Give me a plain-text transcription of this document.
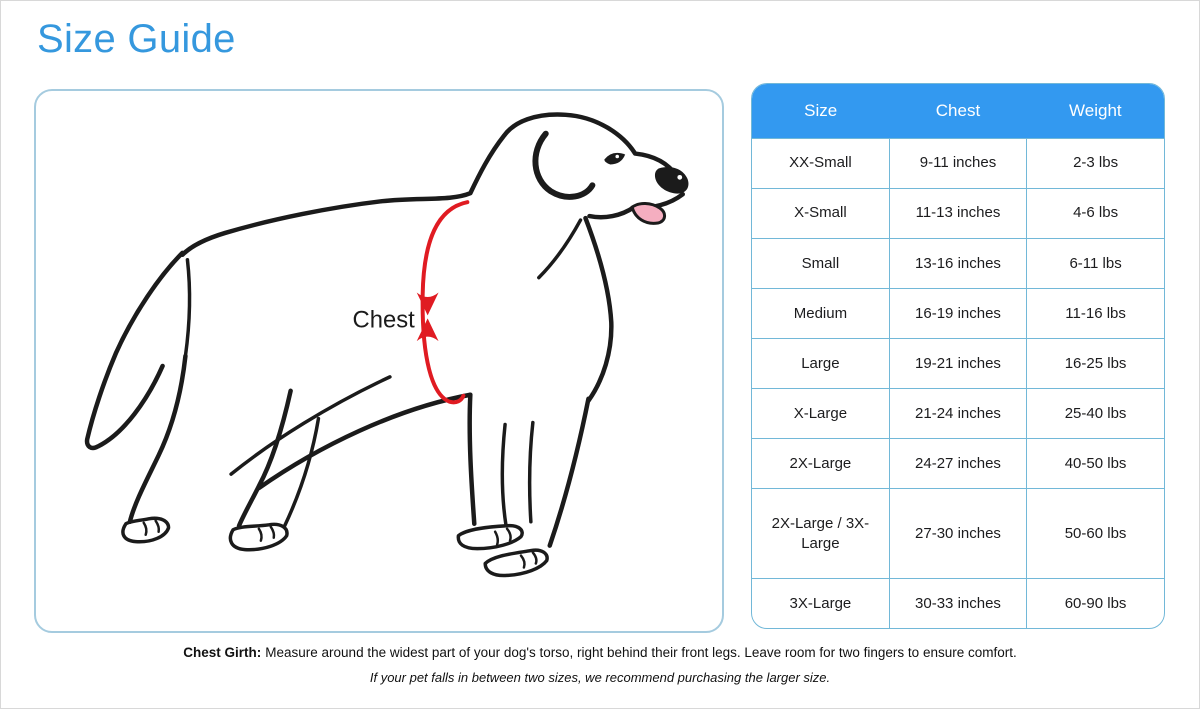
Size Guide
Chest
Size	Chest	Weight
XX-Small	9-11 inches	2-3 lbs
X-Small	11-13 inches	4-6 lbs
Small	13-16 inches	6-11 lbs
Medium	16-19 inches	11-16 lbs
Large	19-21 inches	16-25 lbs
X-Large	21-24 inches	25-40 lbs
2X-Large	24-27 inches	40-50 lbs
2X-Large / 3X-Large	27-30 inches	50-60 lbs
3X-Large	30-33 inches	60-90 lbs
Chest Girth: Measure around the widest part of your dog's torso, right behind their front legs. Leave room for two fingers to ensure comfort.
If your pet falls in between two sizes, we recommend purchasing the larger size.
